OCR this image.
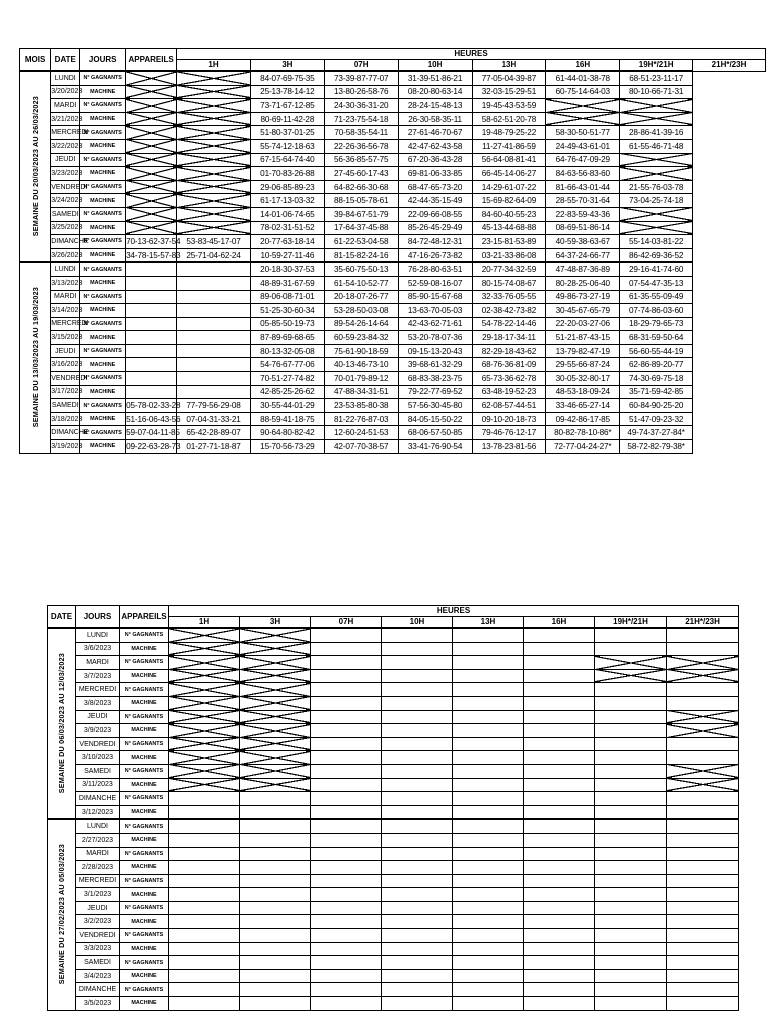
MOIS	DATE	JOURS	APPAREILS	HEURES							
				1H	3H	07H	10H	13H	16H	19H*/21H	21H*/23H
SEMAINE DU 20/03/2023 AU 26/03/2023	LUNDI	N° GAGNANTS			84-07-69-75-35	73-39-87-77-07	31-39-51-86-21	77-05-04-39-87	61-44-01-38-78	68-51-23-11-17	
	3/20/2023	MACHINE			25-13-78-14-12	13-80-26-58-76	08-20-80-63-14	32-03-15-29-51	60-75-14-64-03	80-10-66-71-31	
	MARDI	N° GAGNANTS			73-71-67-12-85	24-30-36-31-20	28-24-15-48-13	19-45-43-53-59			
	3/21/2023	MACHINE			80-69-11-42-28	71-23-75-54-18	26-30-58-35-11	58-62-51-20-78			
	MERCREDI	N° GAGNANTS			51-80-37-01-25	70-58-35-54-11	27-61-46-70-67	19-48-79-25-22	58-30-50-51-77	28-86-41-39-16	
	3/22/2023	MACHINE			55-74-12-18-63	22-26-36-56-78	42-47-62-43-58	11-27-41-86-59	24-49-43-61-01	61-55-46-71-48	
	JEUDI	N° GAGNANTS			67-15-64-74-40	56-36-85-57-75	67-20-36-43-28	56-64-08-81-41	64-76-47-09-29		
	3/23/2023	MACHINE			01-70-83-26-88	27-45-60-17-43	69-81-06-33-85	66-45-14-06-27	84-63-56-83-60		
	VENDREDI	N° GAGNANTS			29-06-85-89-23	64-82-66-30-68	68-47-65-73-20	14-29-61-07-22	81-66-43-01-44	21-55-76-03-78	
	3/24/2023	MACHINE			61-17-13-03-32	88-15-05-78-61	42-44-35-15-49	15-69-82-64-09	28-55-70-31-64	73-04-25-74-18	
	SAMEDI	N° GAGNANTS			14-01-06-74-65	39-84-67-51-79	22-09-66-08-55	84-60-40-55-23	22-83-59-43-36		
	3/25/2023	MACHINE			78-02-31-51-52	17-64-37-45-88	85-26-45-29-49	45-13-44-68-88	08-69-51-86-14		
	DIMANCHE	N° GAGNANTS	70-13-62-37-54	53-83-45-17-07	20-77-63-18-14	61-22-53-04-58	84-72-48-12-31	23-15-81-53-89	40-59-38-63-67	55-14-03-81-22	
	3/26/2023	MACHINE	34-78-15-57-83	25-71-04-62-24	10-59-27-11-46	81-15-82-24-16	47-16-26-73-82	03-21-33-86-08	64-37-24-66-77	86-42-69-36-52	
SEMAINE DU 13/03/2023 AU 19/03/2023	LUNDI	N° GAGNANTS			20-18-30-37-53	35-60-75-50-13	76-28-80-63-51	20-77-34-32-59	47-48-87-36-89	29-16-41-74-60	
	3/13/2023	MACHINE			48-89-31-67-59	61-54-10-52-77	52-59-08-16-07	80-15-74-08-67	80-28-25-06-40	07-54-47-35-13	
	MARDI	N° GAGNANTS			89-06-08-71-01	20-18-07-26-77	85-90-15-67-68	32-33-76-05-55	49-86-73-27-19	61-35-55-09-49	
	3/14/2023	MACHINE			51-25-30-60-34	53-28-50-03-08	13-63-70-05-03	02-38-42-73-82	30-45-67-65-79	07-74-86-03-60	
	MERCREDI	N° GAGNANTS			05-85-50-19-73	89-54-26-14-64	42-43-62-71-61	54-78-22-14-46	22-20-03-27-06	18-29-79-65-73	
	3/15/2023	MACHINE			87-89-69-68-65	60-59-23-84-32	53-20-78-07-36	29-18-17-34-11	51-21-87-43-15	68-31-59-50-64	
	JEUDI	N° GAGNANTS			80-13-32-05-08	75-61-90-18-59	09-15-13-20-43	82-29-18-43-62	13-79-82-47-19	56-60-55-44-19	
	3/16/2023	MACHINE			54-76-67-77-06	40-13-46-73-10	39-68-61-32-29	68-76-36-81-09	29-55-66-87-24	62-86-89-20-77	
	VENDREDI	N° GAGNANTS			70-51-27-74-82	70-01-79-89-12	68-83-38-23-75	65-73-36-62-78	30-05-32-80-17	74-30-69-75-18	
	3/17/2023	MACHINE			42-85-25-26-62	47-88-34-31-51	79-22-77-69-52	63-48-19-52-23	48-53-18-09-24	35-71-59-42-85	
	SAMEDI	N° GAGNANTS	05-78-02-33-28	77-79-56-29-08	30-55-44-01-29	23-53-85-80-38	57-56-30-45-80	62-08-57-44-51	33-46-65-27-14	60-84-90-25-20	
	3/18/2023	MACHINE	51-16-06-43-56	07-04-31-33-21	88-59-41-18-75	81-22-76-87-03	84-05-15-50-22	09-10-20-18-73	09-42-86-17-85	51-47-09-23-32	
	DIMANCHE	N° GAGNANTS	59-07-04-11-85	65-42-28-89-07	90-64-80-82-42	12-60-24-51-53	68-06-57-50-85	79-46-76-12-17	80-82-78-10-86*	49-74-37-27-84*	
	3/19/2023	MACHINE	09-22-63-28-73	01-27-71-18-87	15-70-56-73-29	42-07-70-38-57	33-41-76-90-54	13-78-23-81-56	72-77-04-24-27*	58-72-82-79-38*	
DATE	JOURS	APPAREILS	HEURES							
			1H	3H	07H	10H	13H	16H	19H*/21H	21H*/23H
SEMAINE DU 06/03/2023 AU 12/03/2023	LUNDI	N° GAGNANTS								
	3/6/2023	MACHINE								
	MARDI	N° GAGNANTS								
	3/7/2023	MACHINE								
	MERCREDI	N° GAGNANTS								
	3/8/2023	MACHINE								
	JEUDI	N° GAGNANTS								
	3/9/2023	MACHINE								
	VENDREDI	N° GAGNANTS								
	3/10/2023	MACHINE								
	SAMEDI	N° GAGNANTS								
	3/11/2023	MACHINE								
	DIMANCHE	N° GAGNANTS								
	3/12/2023	MACHINE								
SEMAINE DU 27/02/2023 AU 05/03/2023	LUNDI	N° GAGNANTS								
	2/27/2023	MACHINE								
	MARDI	N° GAGNANTS								
	2/28/2023	MACHINE								
	MERCREDI	N° GAGNANTS								
	3/1/2023	MACHINE								
	JEUDI	N° GAGNANTS								
	3/2/2023	MACHINE								
	VENDREDI	N° GAGNANTS								
	3/3/2023	MACHINE								
	SAMEDI	N° GAGNANTS								
	3/4/2023	MACHINE								
	DIMANCHE	N° GAGNANTS								
	3/5/2023	MACHINE								
